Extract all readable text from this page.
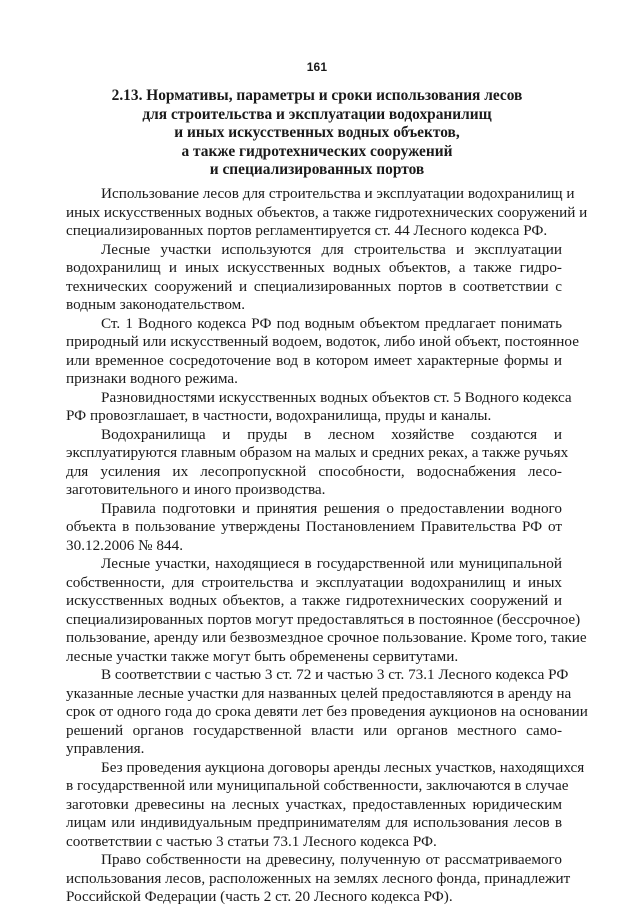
161
2.13. Нормативы, параметры и сроки использования лесов
для строительства и эксплуатации водохранилищ
и иных искусственных водных объектов,
а также гидротехнических сооружений
и специализированных портов
Использование лесов для строительства и эксплуатации водохранилищ и
иных искусственных водных объектов, а также гидротехнических сооружений и
специализированных портов регламентируется ст. 44 Лесного кодекса РФ.
Лесные участки используются для строительства и эксплуатации
водохранилищ и иных искусственных водных объектов, а также гидро-
технических сооружений и специализированных портов в соответствии с
водным законодательством.
Ст. 1 Водного кодекса РФ под водным объектом предлагает понимать
природный или искусственный водоем, водоток, либо иной объект, постоянное
или временное сосредоточение вод в котором имеет характерные формы и
признаки водного режима.
Разновидностями искусственных водных объектов ст. 5 Водного кодекса
РФ провозглашает, в частности, водохранилища, пруды и каналы.
Водохранилища и пруды в лесном хозяйстве создаются и
эксплуатируются главным образом на малых и средних реках, а также ручьях
для усиления их лесопропускной способности, водоснабжения лесо-
заготовительного и иного производства.
Правила подготовки и принятия решения о предоставлении водного
объекта в пользование утверждены Постановлением Правительства РФ от
30.12.2006 № 844.
Лесные участки, находящиеся в государственной или муниципальной
собственности, для строительства и эксплуатации водохранилищ и иных
искусственных водных объектов, а также гидротехнических сооружений и
специализированных портов могут предоставляться в постоянное (бессрочное)
пользование, аренду или безвозмездное срочное пользование. Кроме того, такие
лесные участки также могут быть обременены сервитутами.
В соответствии с частью 3 ст. 72 и частью 3 ст. 73.1 Лесного кодекса РФ
указанные лесные участки для названных целей предоставляются в аренду на
срок от одного года до срока девяти лет без проведения аукционов на основании
решений органов государственной власти или органов местного само-
управления.
Без проведения аукциона договоры аренды лесных участков, находящихся
в государственной или муниципальной собственности, заключаются в случае
заготовки древесины на лесных участках, предоставленных юридическим
лицам или индивидуальным предпринимателям для использования лесов в
соответствии с частью 3 статьи 73.1 Лесного кодекса РФ.
Право собственности на древесину, полученную от рассматриваемого
использования лесов, расположенных на землях лесного фонда, принадлежит
Российской Федерации (часть 2 ст. 20 Лесного кодекса РФ).
